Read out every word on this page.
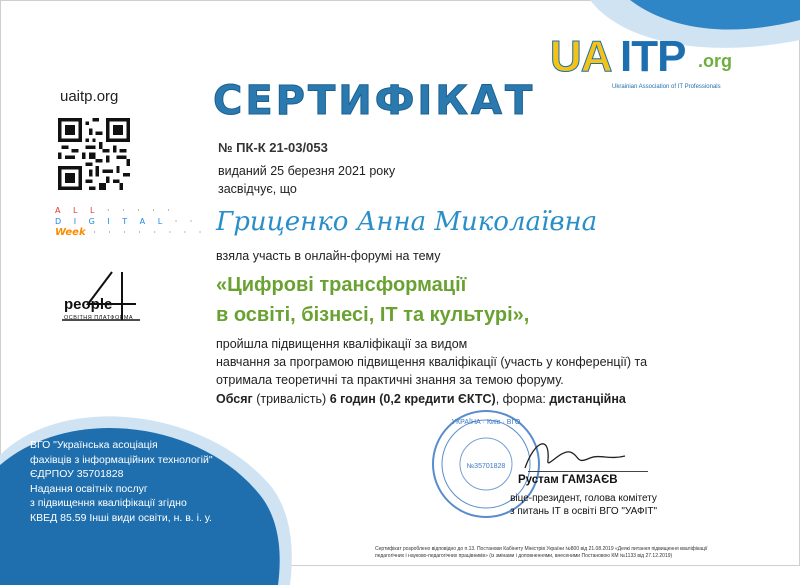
uaitp.org
A L L · · · · ·
D I G I T A L · ·
Week · · · · · · · ·
people
ОСВІТНЯ ПЛАТФОРМА
UA ITP .org
Ukrainian Association of IT Professionals
СЕРТИФІКАТ
№ ПК-К 21-03/053
виданий 25 березня 2021 року
засвідчує, що
Гриценко Анна Миколаївна
взяла участь в онлайн-форумі на тему
«Цифрові трансформації
в освіті, бізнесі, ІТ та культурі»,
пройшла підвищення кваліфікації за видом
навчання за програмою підвищення кваліфікації (участь у конференції) та
отримала теоретичні та практичні знання за темою форуму.
Обсяг (тривалість) 6 годин (0,2 кредити ЄКТС), форма: дистанційна
ВГО "Українська асоціація
фахівців з інформаційних технологій"
ЄДРПОУ 35701828
Надання освітніх послуг
з підвищення кваліфікації згідно
КВЕД 85.59 Інші види освіти, н. в. і. у.
УКРАЇНА · Київ · ВГО
№35701828
Рустам ГАМЗАЄВ
віце-президент, голова комітету
з питань ІТ в освіті ВГО "УАФІТ"
Сертифікат розроблено відповідно до п.13. Постанови Кабінету Міністрів України №800 від 21.08.2019 «Деякі питання підвищення кваліфікації
педагогічних і науково-педагогічних працівників» (із змінами і доповненнями, внесеними Постановою КМ №1133 від 27.12.2019)
